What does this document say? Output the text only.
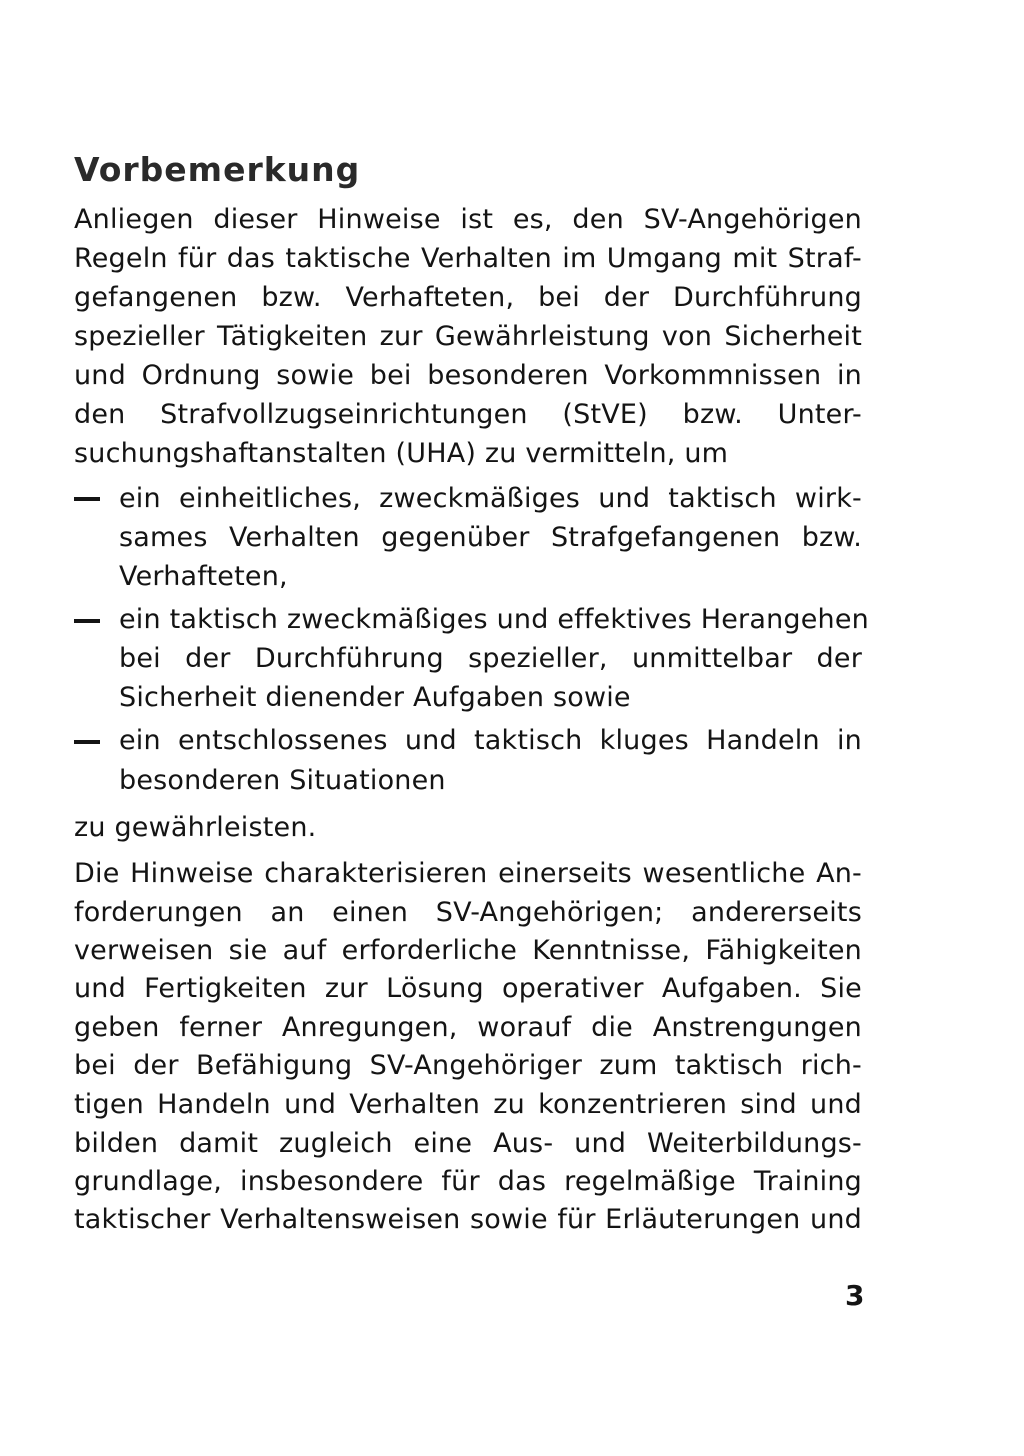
Vorbemerkung
Anliegen dieser Hinweise ist es, den SV-Angehörigen
Regeln für das taktische Verhalten im Umgang mit Straf-
gefangenen bzw. Verhafteten, bei der Durchführung
spezieller Tätigkeiten zur Gewährleistung von Sicherheit
und Ordnung sowie bei besonderen Vorkommnissen in
den Strafvollzugseinrichtungen (StVE) bzw. Unter-
suchungshaftanstalten (UHA) zu vermitteln, um
ein einheitliches, zweckmäßiges und taktisch wirk-
sames Verhalten gegenüber Strafgefangenen bzw.
Verhafteten,
ein taktisch zweckmäßiges und effektives Herangehen
bei der Durchführung spezieller, unmittelbar der
Sicherheit dienender Aufgaben sowie
ein entschlossenes und taktisch kluges Handeln in
besonderen Situationen
zu gewährleisten.
Die Hinweise charakterisieren einerseits wesentliche An-
forderungen an einen SV-Angehörigen; andererseits
verweisen sie auf erforderliche Kenntnisse, Fähigkeiten
und Fertigkeiten zur Lösung operativer Aufgaben. Sie
geben ferner Anregungen, worauf die Anstrengungen
bei der Befähigung SV-Angehöriger zum taktisch rich-
tigen Handeln und Verhalten zu konzentrieren sind und
bilden damit zugleich eine Aus- und Weiterbildungs-
grundlage, insbesondere für das regelmäßige Training
taktischer Verhaltensweisen sowie für Erläuterungen und
3
